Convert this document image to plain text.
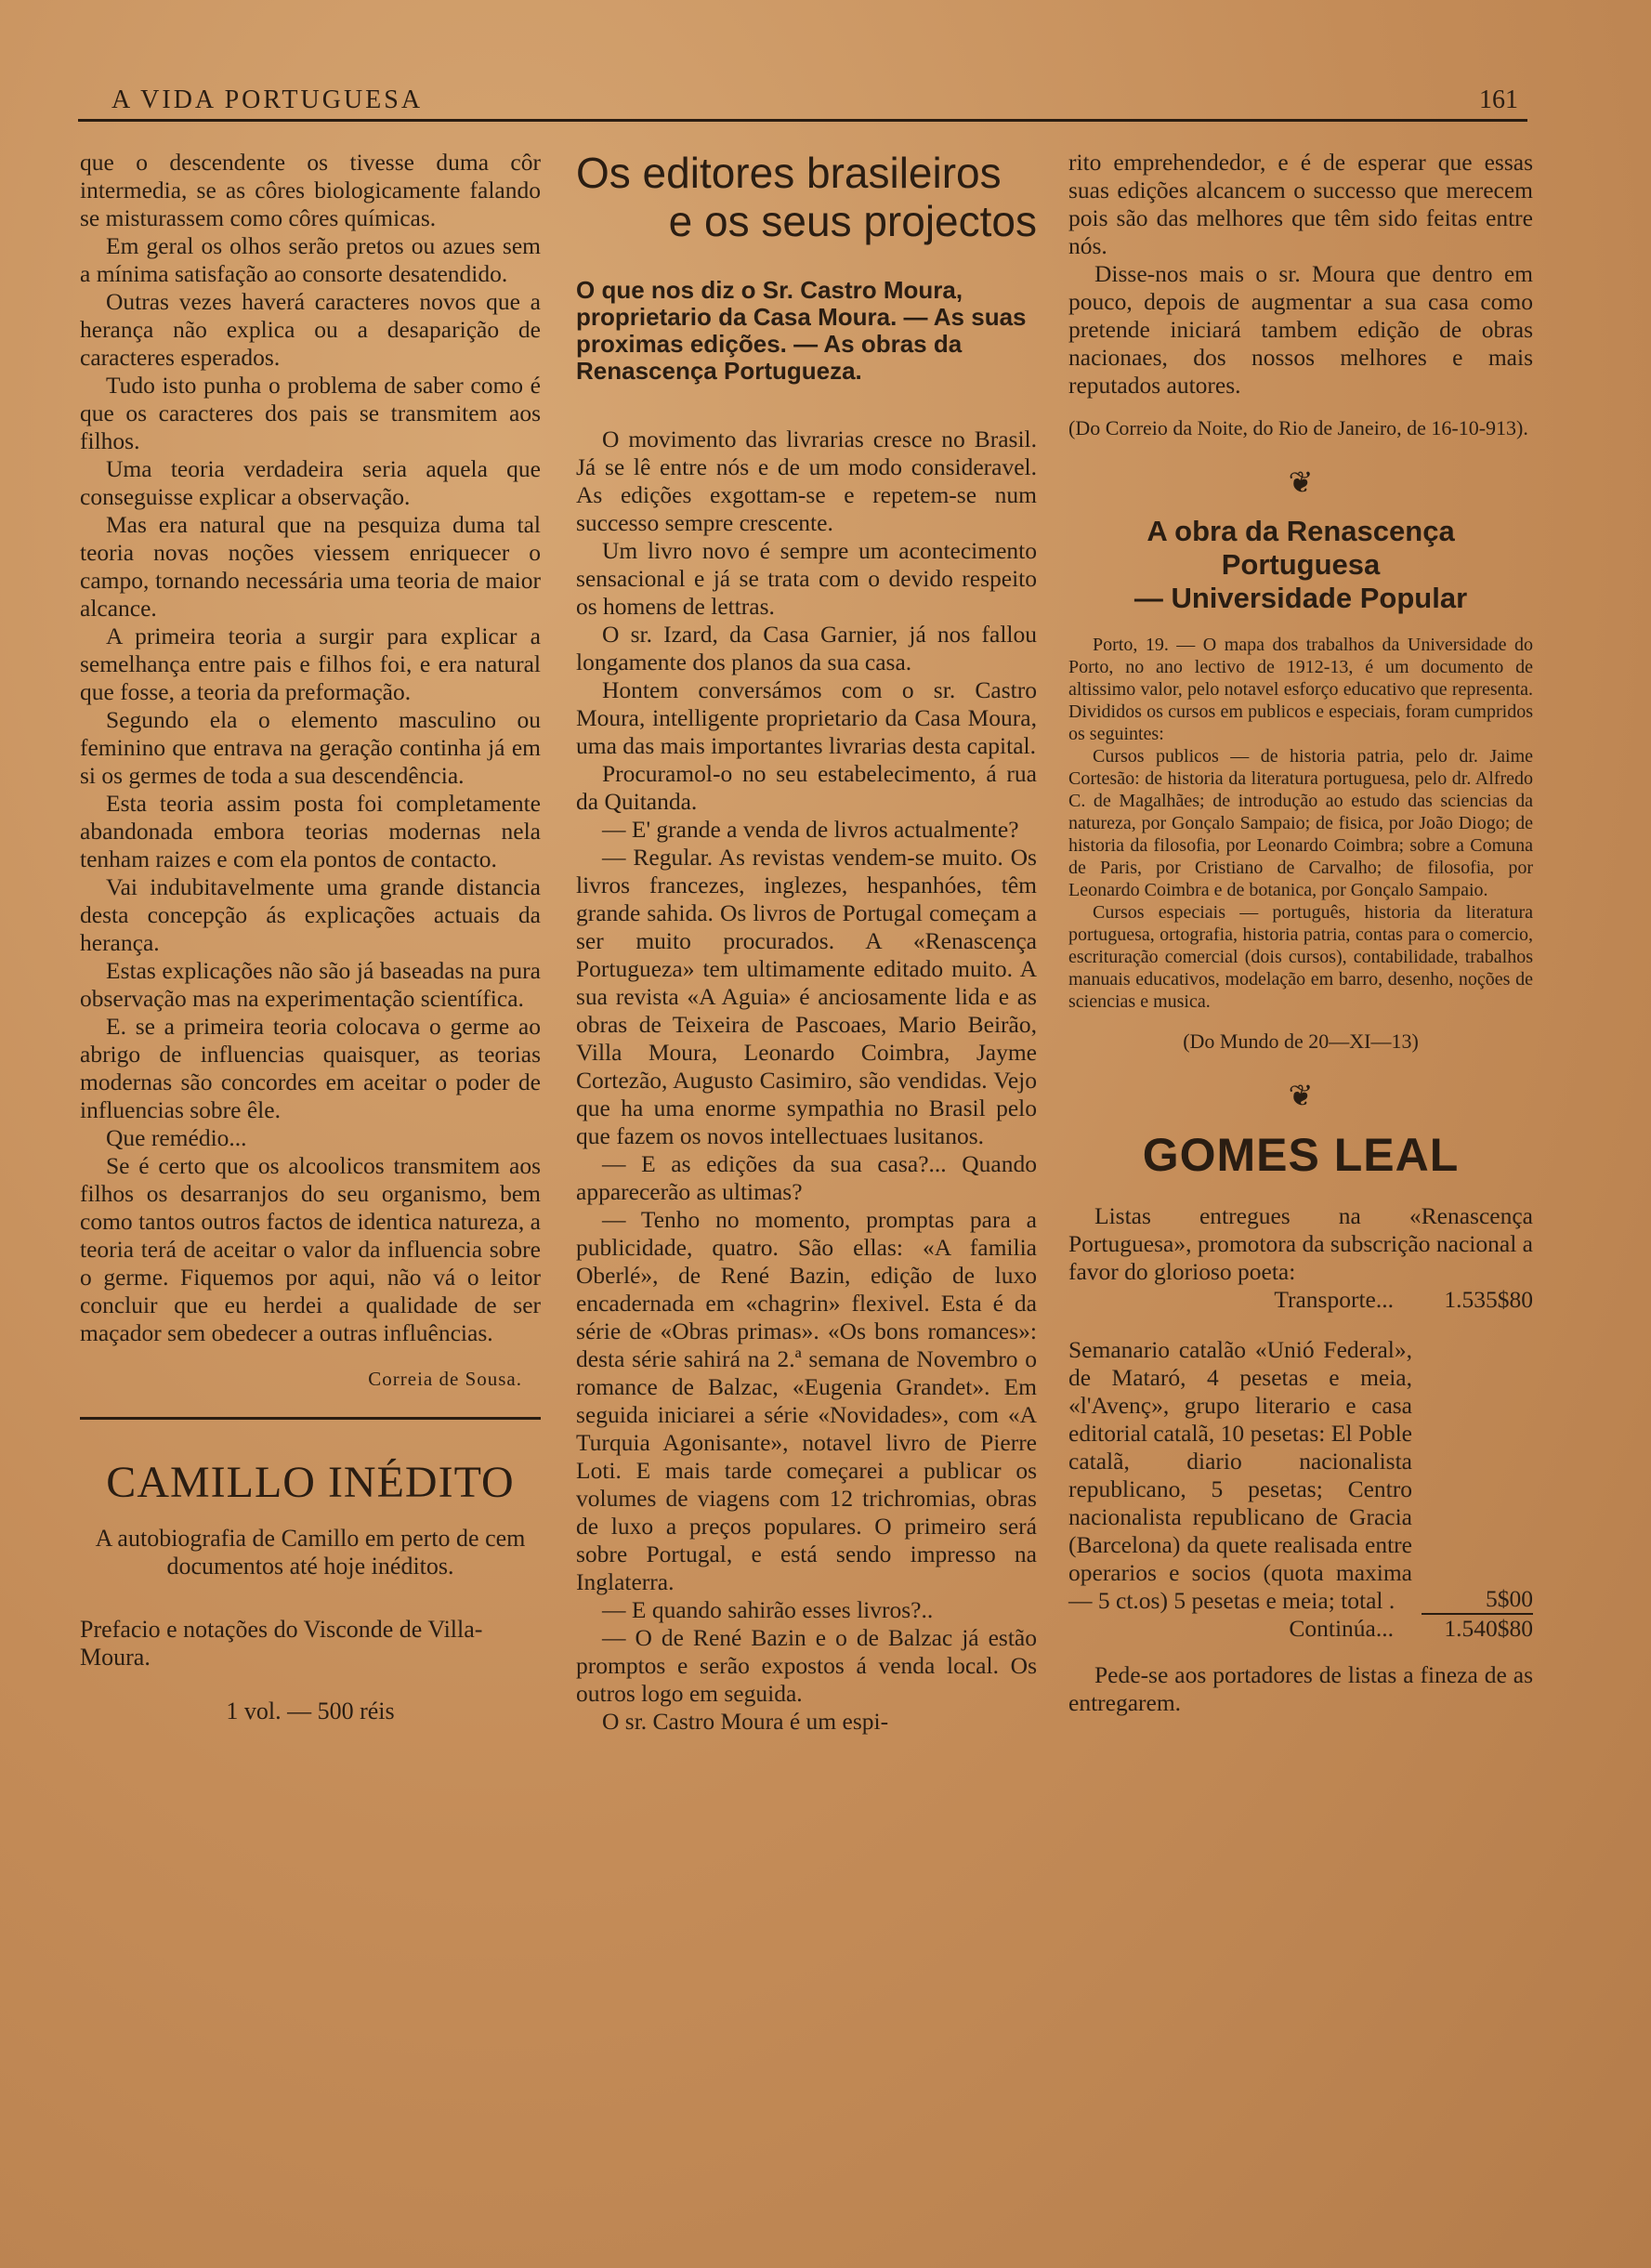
A VIDA PORTUGUESA	161

que o descendente os tivesse duma côr intermedia, se as côres biologicamente falando se misturassem como côres químicas.

Em geral os olhos serão pretos ou azues sem a mínima satisfação ao consorte desatendido.

Outras vezes haverá caracteres novos que a herança não explica ou a desaparição de caracteres esperados.

Tudo isto punha o problema de saber como é que os caracteres dos pais se transmitem aos filhos.

Uma teoria verdadeira seria aquela que conseguisse explicar a observação.

Mas era natural que na pesquiza duma tal teoria novas noções viessem enriquecer o campo, tornando necessária uma teoria de maior alcance.

A primeira teoria a surgir para explicar a semelhança entre pais e filhos foi, e era natural que fosse, a teoria da preformação.

Segundo ela o elemento masculino ou feminino que entrava na geração continha já em si os germes de toda a sua descendência.

Esta teoria assim posta foi completamente abandonada embora teorias modernas nela tenham raizes e com ela pontos de contacto.

Vai indubitavelmente uma grande distancia desta concepção ás explicações actuais da herança.

Estas explicações não são já baseadas na pura observação mas na experimentação scientífica.

E. se a primeira teoria colocava o germe ao abrigo de influencias quaisquer, as teorias modernas são concordes em aceitar o poder de influencias sobre êle.

Que remédio...

Se é certo que os alcoolicos transmitem aos filhos os desarranjos do seu organismo, bem como tantos outros factos de identica natureza, a teoria terá de aceitar o valor da influencia sobre o germe. Fiquemos por aqui, não vá o leitor concluir que eu herdei a qualidade de ser maçador sem obedecer a outras influências.

Correia de Sousa.
CAMILLO INÉDITO
A autobiografia de Camillo em perto de cem documentos até hoje inéditos.
Prefacio e notações do Visconde de Villa-Moura.
1 vol. — 500 réis
Os editores brasileiros
e os seus projectos
O que nos diz o Sr. Castro Moura, proprietario da Casa Moura. — As suas proximas edições. — As obras da Renascença Portugueza.

O movimento das livrarias cresce no Brasil. Já se lê entre nós e de um modo consideravel. As edições exgottam-se e repetem-se num successo sempre crescente.

Um livro novo é sempre um acontecimento sensacional e já se trata com o devido respeito os homens de lettras.

O sr. Izard, da Casa Garnier, já nos fallou longamente dos planos da sua casa.

Hontem conversámos com o sr. Castro Moura, intelligente proprietario da Casa Moura, uma das mais importantes livrarias desta capital.

Procuramol-o no seu estabelecimento, á rua da Quitanda.

— E' grande a venda de livros actualmente?

— Regular. As revistas vendem-se muito. Os livros francezes, inglezes, hespanhóes, têm grande sahida. Os livros de Portugal começam a ser muito procurados. A «Renascença Portugueza» tem ultimamente editado muito. A sua revista «A Aguia» é anciosamente lida e as obras de Teixeira de Pascoaes, Mario Beirão, Villa Moura, Leonardo Coimbra, Jayme Cortezão, Augusto Casimiro, são vendidas. Vejo que ha uma enorme sympathia no Brasil pelo que fazem os novos intellectuaes lusitanos.

— E as edições da sua casa?... Quando apparecerão as ultimas?

— Tenho no momento, promptas para a publicidade, quatro. São ellas: «A familia Oberlé», de René Bazin, edição de luxo encadernada em «chagrin» flexivel. Esta é da série de «Obras primas». «Os bons romances»: desta série sahirá na 2.ª semana de Novembro o romance de Balzac, «Eugenia Grandet». Em seguida iniciarei a série «Novidades», com «A Turquia Agonisante», notavel livro de Pierre Loti. E mais tarde começarei a publicar os volumes de viagens com 12 trichromias, obras de luxo a preços populares. O primeiro será sobre Portugal, e está sendo impresso na Inglaterra.

— E quando sahirão esses livros?..

— O de René Bazin e o de Balzac já estão promptos e serão expostos á venda local. Os outros logo em seguida.

O sr. Castro Moura é um espi-

rito emprehendedor, e é de esperar que essas suas edições alcancem o successo que merecem pois são das melhores que têm sido feitas entre nós.

Disse-nos mais o sr. Moura que dentro em pouco, depois de augmentar a sua casa como pretende iniciará tambem edição de obras nacionaes, dos nossos melhores e mais reputados autores.

(Do Correio da Noite, do Rio de Janeiro, de 16-10-913).
❦
A obra da Renascença Portuguesa
— Universidade Popular

Porto, 19. — O mapa dos trabalhos da Universidade do Porto, no ano lectivo de 1912-13, é um documento de altissimo valor, pelo notavel esforço educativo que representa. Divididos os cursos em publicos e especiais, foram cumpridos os seguintes:

Cursos publicos — de historia patria, pelo dr. Jaime Cortesão: de historia da literatura portuguesa, pelo dr. Alfredo C. de Magalhães; de introdução ao estudo das sciencias da natureza, por Gonçalo Sampaio; de fisica, por João Diogo; de historia da filosofia, por Leonardo Coimbra; sobre a Comuna de Paris, por Cristiano de Carvalho; de filosofia, por Leonardo Coimbra e de botanica, por Gonçalo Sampaio.

Cursos especiais — português, historia da literatura portuguesa, ortografia, historia patria, contas para o comercio, escrituração comercial (dois cursos), contabilidade, trabalhos manuais educativos, modelação em barro, desenho, noções de sciencias e musica.

(Do Mundo de 20—XI—13)
❦
GOMES LEAL

Listas entregues na «Renascença Portuguesa», promotora da subscrição nacional a favor do glorioso poeta:

Transporte...	1.535$80
Semanario catalão «Unió Federal», de Mataró, 4 pesetas e meia, «l'Avenç», grupo literario e casa editorial catalã, 10 pesetas: El Poble catalã, diario nacionalista republicano, 5 pesetas; Centro nacionalista republicano de Gracia (Barcelona) da quete realisada entre operarios e socios (quota maxima — 5 ct.os) 5 pesetas e meia; total .	5$00
Continúa...	1.540$80

Pede-se aos portadores de listas a fineza de as entregarem.
